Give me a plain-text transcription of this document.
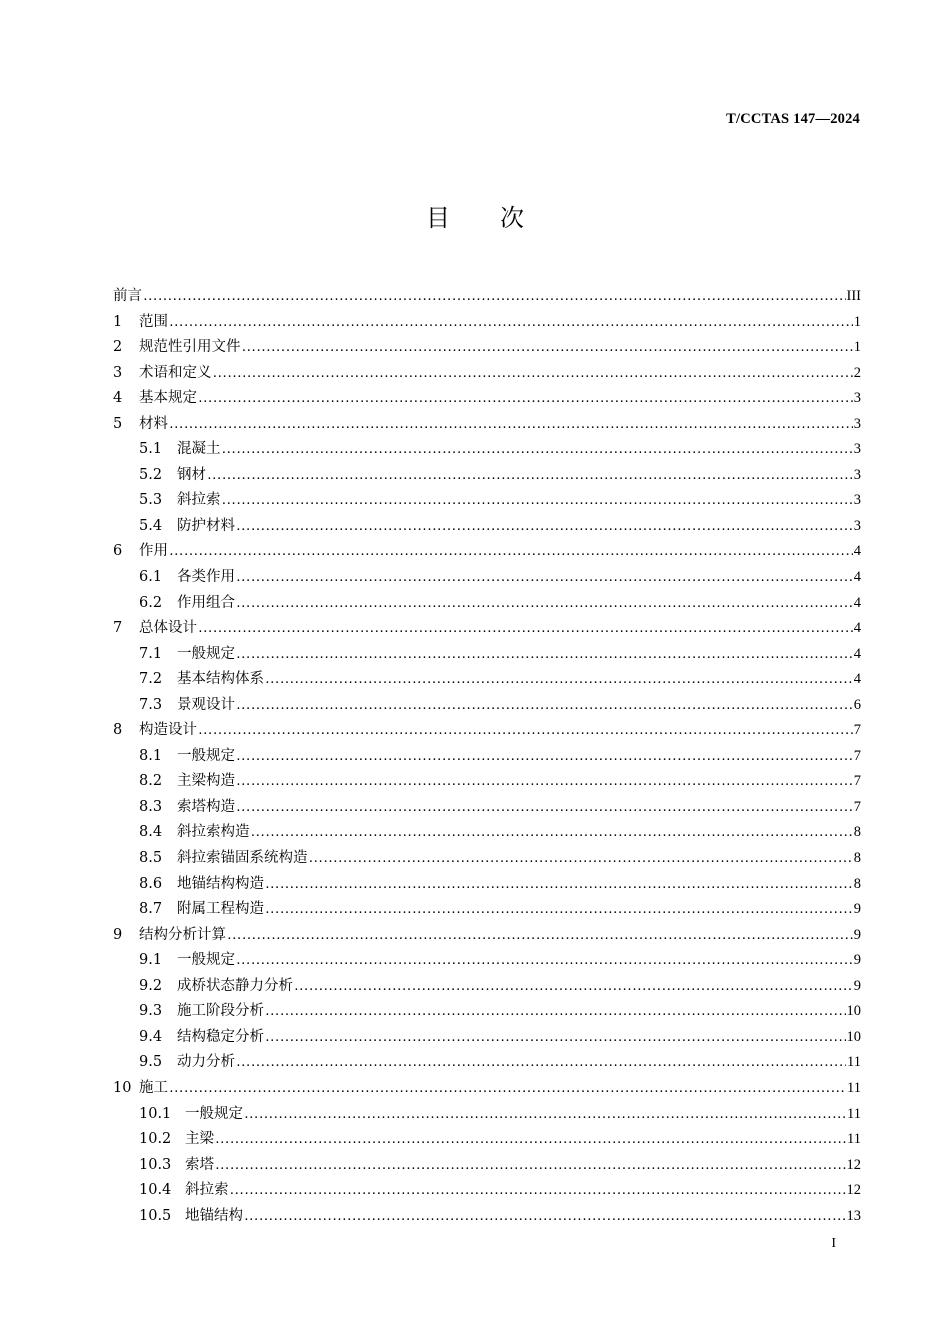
T/CCTAS 147—2024
目 次
前言 …………………………………………………………………………………………………………………………………………………………………………………………………	III
1	范围 …………………………………………………………………………………………………………………………………………………………………………………………………	1
2	规范性引用文件 …………………………………………………………………………………………………………………………………………………………………………………………………	1
3	术语和定义 …………………………………………………………………………………………………………………………………………………………………………………………………	2
4	基本规定 …………………………………………………………………………………………………………………………………………………………………………………………………	3
5	材料 …………………………………………………………………………………………………………………………………………………………………………………………………	3
5.1	混凝土 …………………………………………………………………………………………………………………………………………………………………………………………………	3
5.2	钢材 …………………………………………………………………………………………………………………………………………………………………………………………………	3
5.3	斜拉索 …………………………………………………………………………………………………………………………………………………………………………………………………	3
5.4	防护材料 …………………………………………………………………………………………………………………………………………………………………………………………………	3
6	作用 …………………………………………………………………………………………………………………………………………………………………………………………………	4
6.1	各类作用 …………………………………………………………………………………………………………………………………………………………………………………………………	4
6.2	作用组合 …………………………………………………………………………………………………………………………………………………………………………………………………	4
7	总体设计 …………………………………………………………………………………………………………………………………………………………………………………………………	4
7.1	一般规定 …………………………………………………………………………………………………………………………………………………………………………………………………	4
7.2	基本结构体系 …………………………………………………………………………………………………………………………………………………………………………………………………	4
7.3	景观设计 …………………………………………………………………………………………………………………………………………………………………………………………………	6
8	构造设计 …………………………………………………………………………………………………………………………………………………………………………………………………	7
8.1	一般规定 …………………………………………………………………………………………………………………………………………………………………………………………………	7
8.2	主梁构造 …………………………………………………………………………………………………………………………………………………………………………………………………	7
8.3	索塔构造 …………………………………………………………………………………………………………………………………………………………………………………………………	7
8.4	斜拉索构造 …………………………………………………………………………………………………………………………………………………………………………………………………	8
8.5	斜拉索锚固系统构造 …………………………………………………………………………………………………………………………………………………………………………………………………	8
8.6	地锚结构构造 …………………………………………………………………………………………………………………………………………………………………………………………………	8
8.7	附属工程构造 …………………………………………………………………………………………………………………………………………………………………………………………………	9
9	结构分析计算 …………………………………………………………………………………………………………………………………………………………………………………………………	9
9.1	一般规定 …………………………………………………………………………………………………………………………………………………………………………………………………	9
9.2	成桥状态静力分析 …………………………………………………………………………………………………………………………………………………………………………………………………	9
9.3	施工阶段分析 …………………………………………………………………………………………………………………………………………………………………………………………………	10
9.4	结构稳定分析 …………………………………………………………………………………………………………………………………………………………………………………………………	10
9.5	动力分析 …………………………………………………………………………………………………………………………………………………………………………………………………	11
10 施工 …………………………………………………………………………………………………………………………………………………………………………………………………	11
10.1 一般规定 …………………………………………………………………………………………………………………………………………………………………………………………………	11
10.2 主梁 …………………………………………………………………………………………………………………………………………………………………………………………………	11
10.3 索塔 …………………………………………………………………………………………………………………………………………………………………………………………………	12
10.4 斜拉索 …………………………………………………………………………………………………………………………………………………………………………………………………	12
10.5 地锚结构 …………………………………………………………………………………………………………………………………………………………………………………………………	13
I
